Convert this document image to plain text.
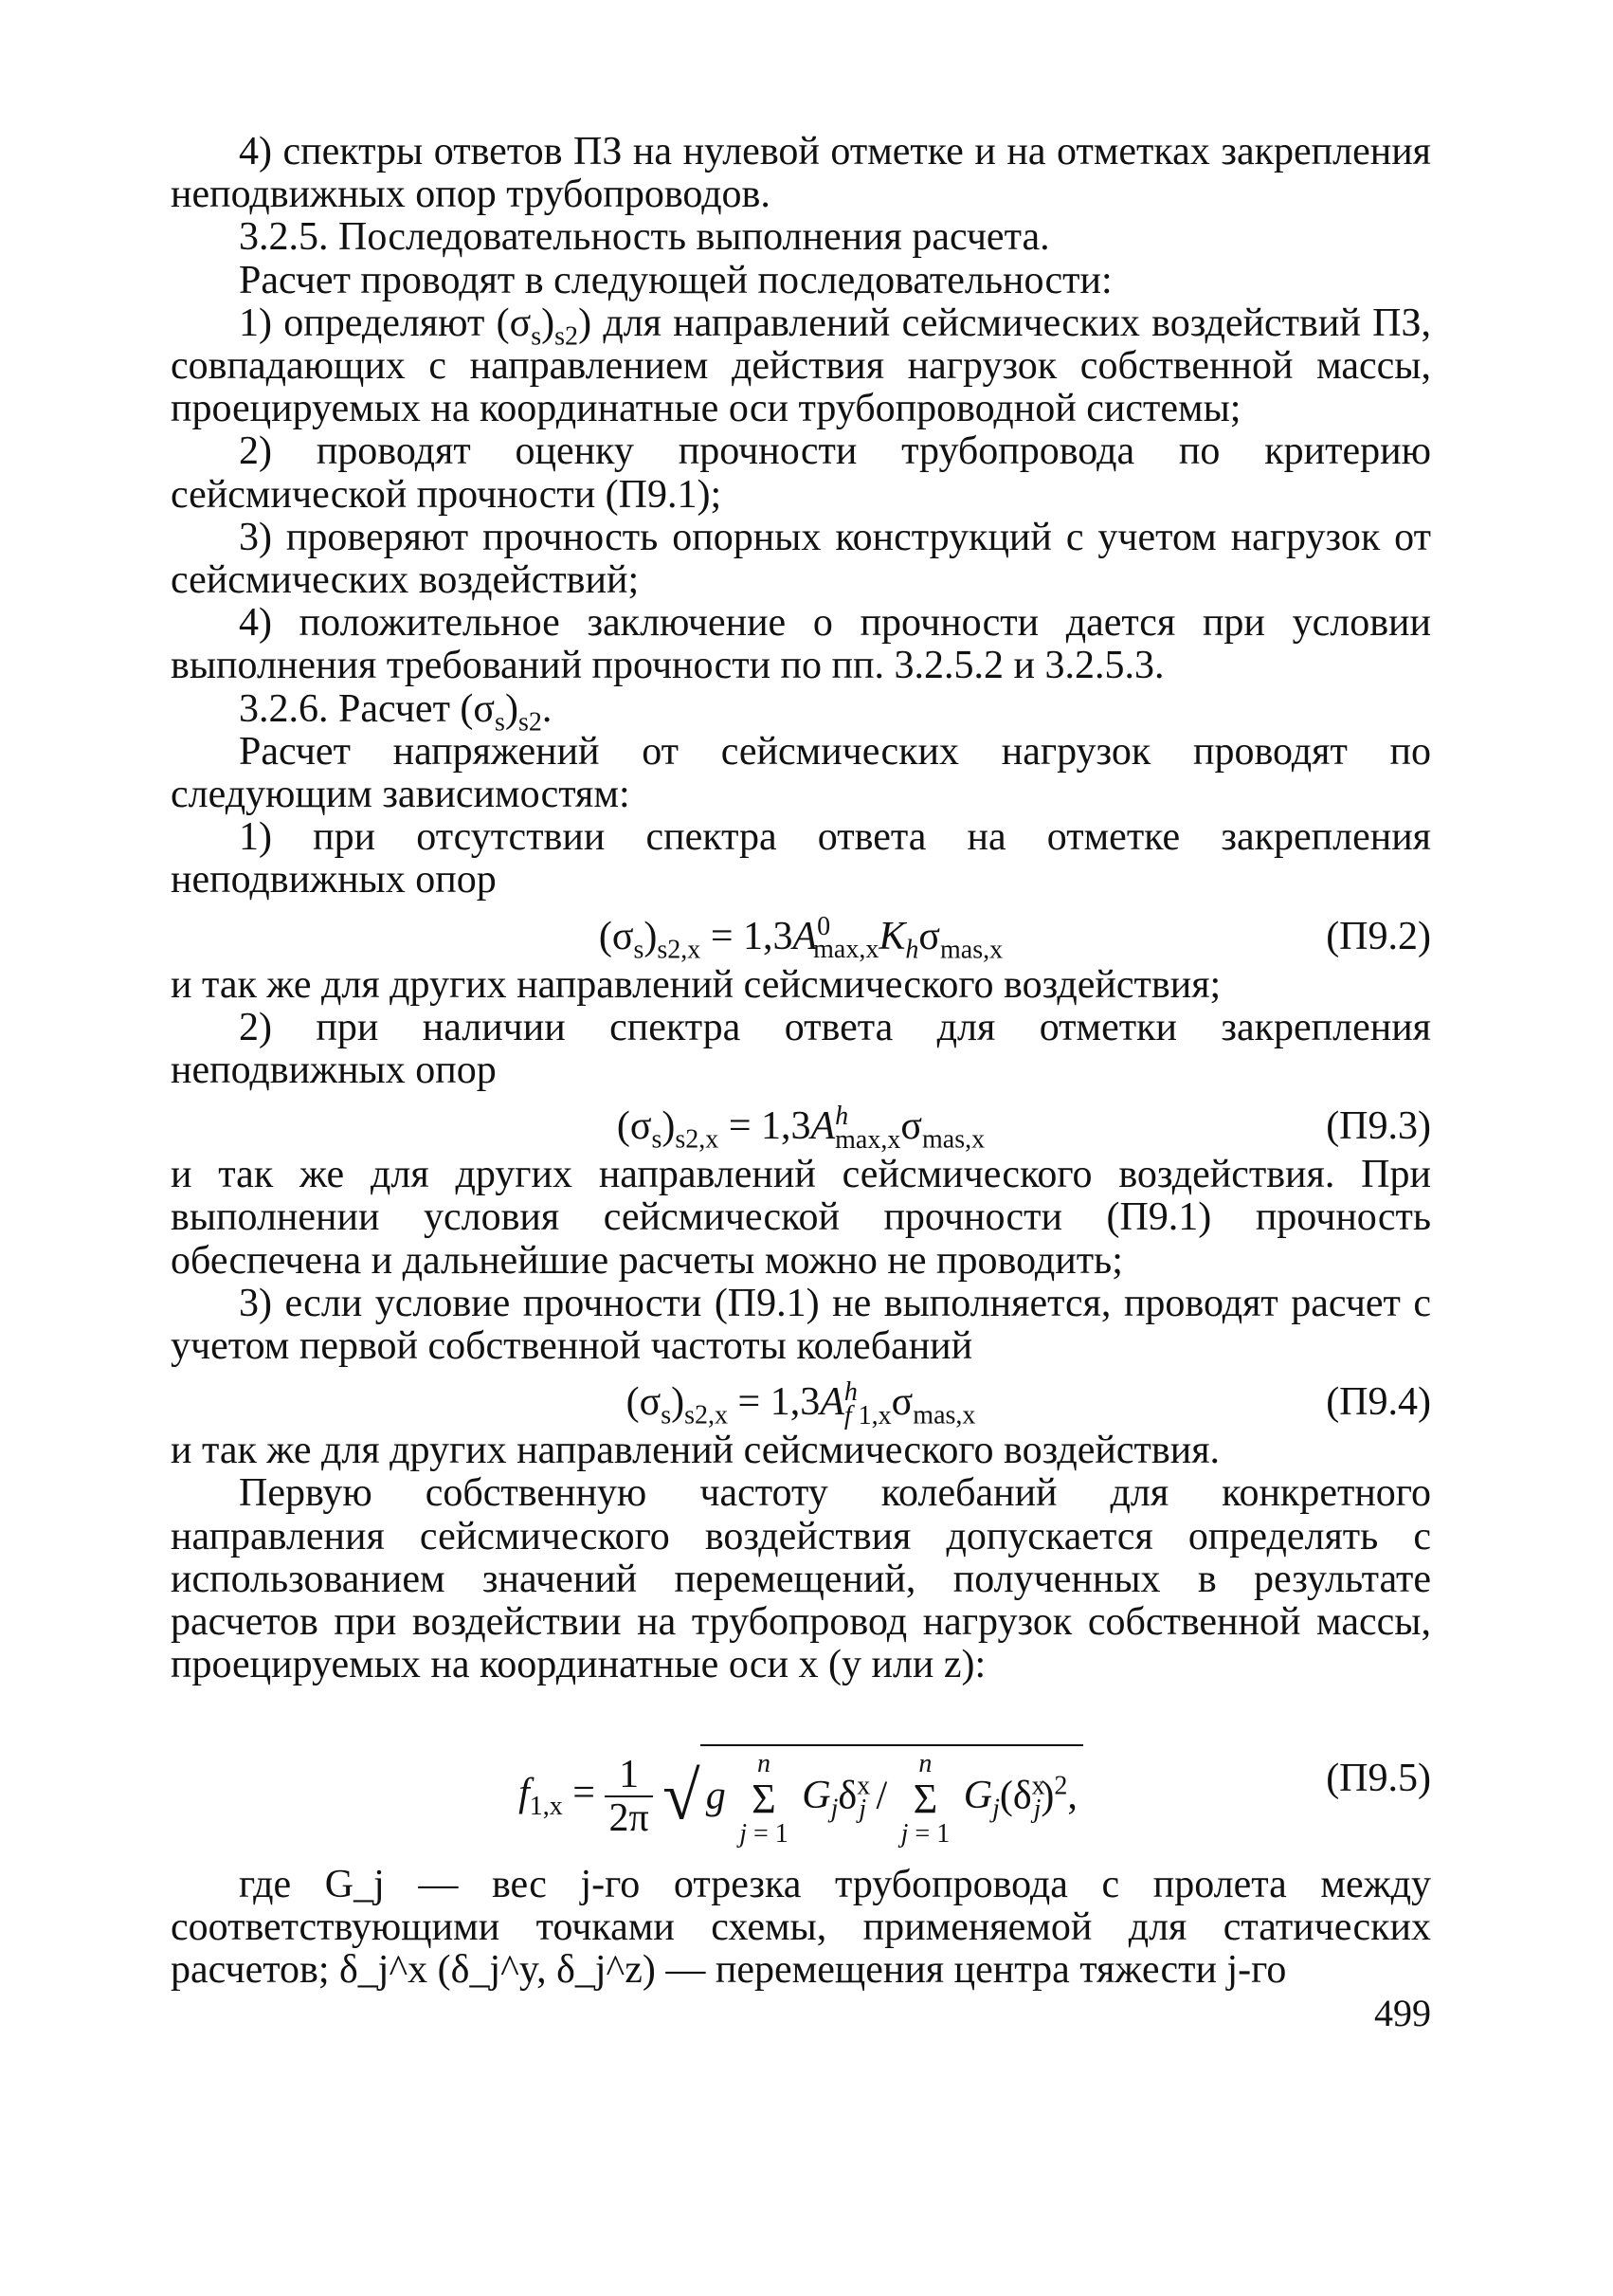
4) спектры ответов ПЗ на нулевой отметке и на отметках закрепления неподвижных опор трубопроводов.

3.2.5. Последовательность выполнения расчета.

Расчет проводят в следующей последовательности:

1) определяют $(\sigma_s)_{s2}$) для направлений сейсмических воздействий ПЗ, совпадающих с направлением действия нагрузок собственной массы, проецируемых на координатные оси трубопроводной системы;

2) проводят оценку прочности трубопровода по критерию сейсмической прочности (П9.1);

3) проверяют прочность опорных конструкций с учетом нагрузок от сейсмических воздействий;

4) положительное заключение о прочности дается при условии выполнения требований прочности по пп. 3.2.5.2 и 3.2.5.3.

3.2.6. Расчет $(\sigma_s)_{s2}$.

Расчет напряжений от сейсмических нагрузок проводят по следующим зависимостям:

1) при отсутствии спектра ответа на отметке закрепления неподвижных опор

$(\sigma_s)_{s2,x} = 1,3A^0_{max,x}K_h\sigma_{mas,x}$	(П9.2)

и так же для других направлений сейсмического воздействия;

2) при наличии спектра ответа для отметки закрепления неподвижных опор

$(\sigma_s)_{s2,x} = 1,3A^h_{max,x}\sigma_{mas,x}$	(П9.3)

и так же для других направлений сейсмического воздействия. При выполнении условия сейсмической прочности (П9.1) прочность обеспечена и дальнейшие расчеты можно не проводить;

3) если условие прочности (П9.1) не выполняется, проводят расчет с учетом первой собственной частоты колебаний

$(\sigma_s)_{s2,x} = 1,3A^h_{f 1,x}\sigma_{mas,x}$	(П9.4)

и так же для других направлений сейсмического воздействия.

Первую собственную частоту колебаний для конкретного направления сейсмического воздействия допускается определять с использованием значений перемещений, полученных в результате расчетов при воздействии на трубопровод нагрузок собственной массы, проецируемых на координатные оси x (y или z):

$f_{1,x} = \frac{1}{2\pi}$ √ g n
Σ
j = 1 $G_j\delta^x_j$ / n
Σ
j = 1 $G_j(\delta^x_j)^2$,	(П9.5)

где G_j — вес j-го отрезка трубопровода с пролета между соответствующими точками схемы, применяемой для статических расчетов; δ_j^x (δ_j^y, δ_j^z) — перемещения центра тяжести j-го

499
